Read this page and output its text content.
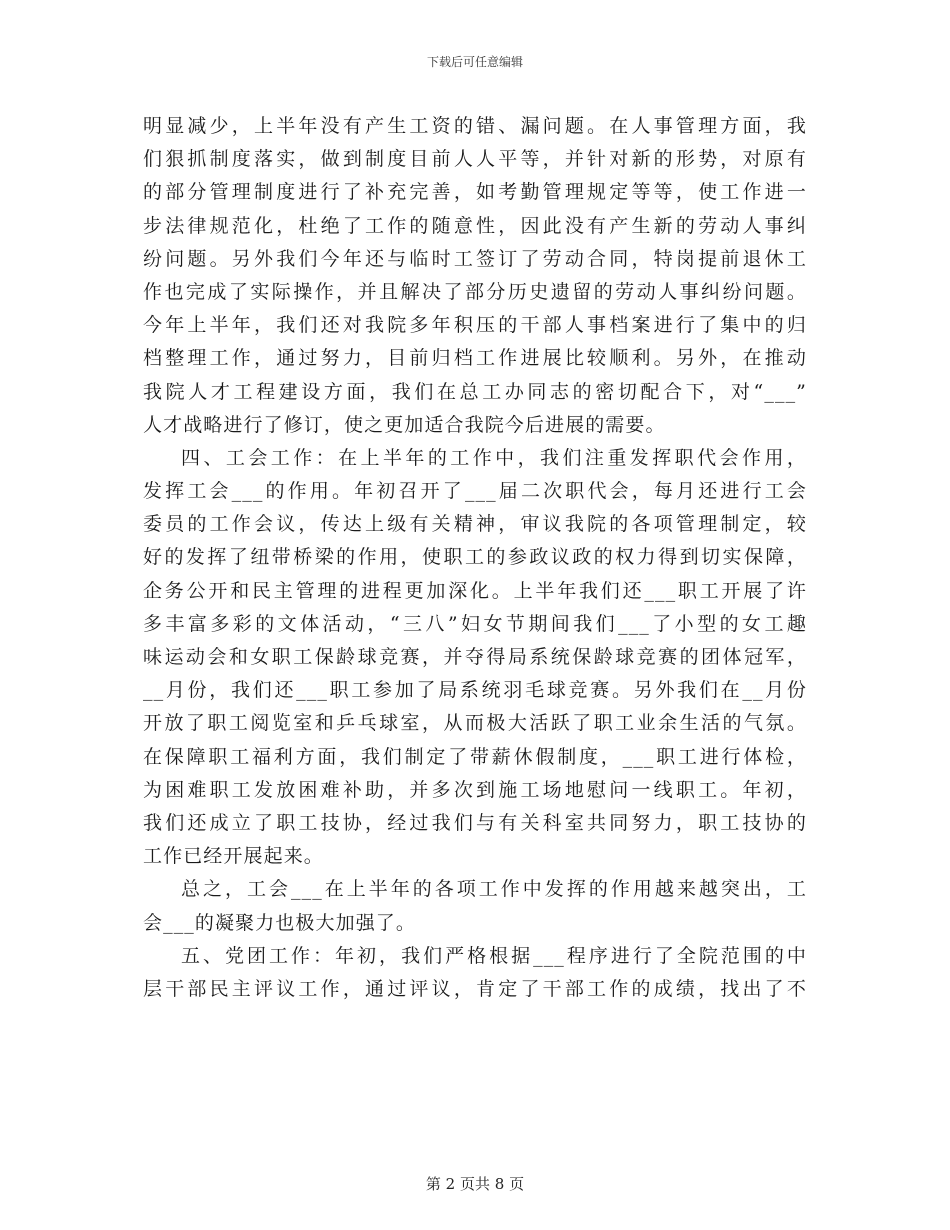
下载后可任意编辑
明显减少，上半年没有产生工资的错、漏问题。在人事管理方面，我
们狠抓制度落实，做到制度目前人人平等，并针对新的形势，对原有
的部分管理制度进行了补充完善，如考勤管理规定等等，使工作进一
步法律规范化，杜绝了工作的随意性，因此没有产生新的劳动人事纠
纷问题。另外我们今年还与临时工签订了劳动合同，特岗提前退休工
作也完成了实际操作，并且解决了部分历史遗留的劳动人事纠纷问题。
今年上半年，我们还对我院多年积压的干部人事档案进行了集中的归
档整理工作，通过努力，目前归档工作进展比较顺利。另外，在推动
我院人才工程建设方面，我们在总工办同志的密切配合下，对“___”
人才战略进行了修订，使之更加适合我院今后进展的需要。
四、工会工作：在上半年的工作中，我们注重发挥职代会作用，
发挥工会___的作用。年初召开了___届二次职代会，每月还进行工会
委员的工作会议，传达上级有关精神，审议我院的各项管理制定，较
好的发挥了纽带桥梁的作用，使职工的参政议政的权力得到切实保障，
企务公开和民主管理的进程更加深化。上半年我们还___职工开展了许
多丰富多彩的文体活动，“三八”妇女节期间我们___了小型的女工趣
味运动会和女职工保龄球竞赛，并夺得局系统保龄球竞赛的团体冠军，
__月份，我们还___职工参加了局系统羽毛球竞赛。另外我们在__月份
开放了职工阅览室和乒乓球室，从而极大活跃了职工业余生活的气氛。
在保障职工福利方面，我们制定了带薪休假制度，___职工进行体检，
为困难职工发放困难补助，并多次到施工场地慰问一线职工。年初，
我们还成立了职工技协，经过我们与有关科室共同努力，职工技协的
工作已经开展起来。
总之，工会___在上半年的各项工作中发挥的作用越来越突出，工
会___的凝聚力也极大加强了。
五、党团工作：年初，我们严格根据___程序进行了全院范围的中
层干部民主评议工作，通过评议，肯定了干部工作的成绩，找出了不
第 2 页共 8 页
